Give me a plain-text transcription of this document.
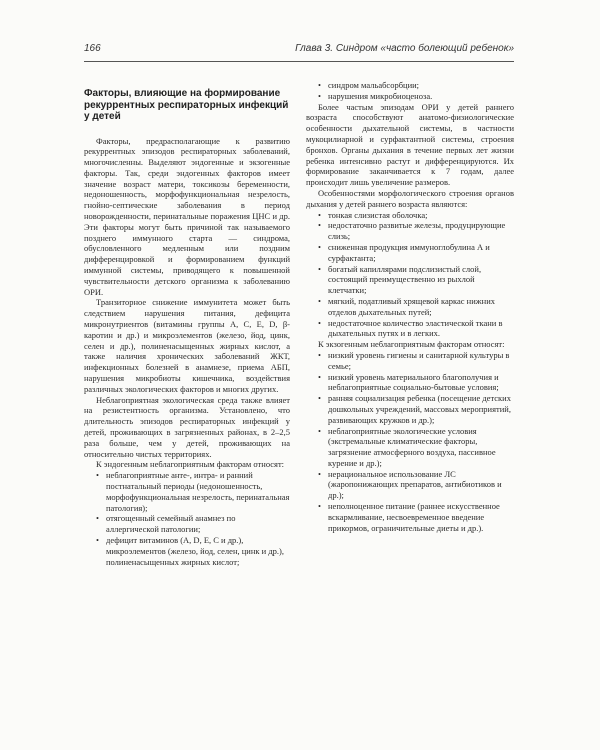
166	Глава 3. Синдром «часто болеющий ребенок»
Факторы, влияющие на формирование рекуррентных респираторных инфекций у детей

Факторы, предрасполагающие к развитию рекуррентных эпизодов респираторных заболеваний, многочисленны. Выделяют эндогенные и экзогенные факторы. Так, среди эндогенных факторов имеет значение возраст матери, токсикозы беременности, недоношенность, морфофункциональная незрелость, гнойно-септические заболевания в период новорожденности, перинатальные поражения ЦНС и др. Эти факторы могут быть причиной так называемого позднего иммунного старта — синдрома, обусловленного медленным или поздним дифференцировкой и формированием функций иммунной системы, приводящего к повышенной чувствительности детского организма к заболеванию ОРИ.

Транзиторное снижение иммунитета может быть следствием нарушения питания, дефицита микронутриентов (витамины группы А, С, Е, D, β-каротин и др.) и микроэлементов (железо, йод, цинк, селен и др.), полиненасыщенных жирных кислот, а также наличия хронических заболеваний ЖКТ, инфекционных болезней в анамнезе, приема АБП, нарушения микробиоты кишечника, воздействия различных экологических факторов и многих других.

Неблагоприятная экологическая среда также влияет на резистентность организма. Установлено, что длительность эпизодов респираторных инфекций у детей, проживающих в загрязненных районах, в 2–2,5 раза больше, чем у детей, проживающих на относительно чистых территориях.

К эндогенным неблагоприятным факторам относят:

• неблагоприятные анте-, интра- и ранний постнатальный периоды (недоношенность, морфофункциональная незрелость, перинатальная патология);
• отягощенный семейный анамнез по аллергической патологии;
• дефицит витаминов (А, D, Е, С и др.), микроэлементов (железо, йод, селен, цинк и др.), полиненасыщенных жирных кислот;
• синдром мальабсорбции;
• нарушения микробиоценоза.

Более частым эпизодам ОРИ у детей раннего возраста способствуют анатомо-физиологические особенности дыхательной системы, в частности мукоцилиарной и сурфактантной системы, строения бронхов. Органы дыхания в течение первых лет жизни ребенка интенсивно растут и дифференцируются. Их формирование заканчивается к 7 годам, далее происходит лишь увеличение размеров.

Особенностями морфологического строения органов дыхания у детей раннего возраста являются:

• тонкая слизистая оболочка;
• недостаточно развитые железы, продуцирующие слизь;
• сниженная продукция иммуноглобулина А и сурфактанта;
• богатый капиллярами подслизистый слой, состоящий преимущественно из рыхлой клетчатки;
• мягкий, податливый хрящевой каркас нижних отделов дыхательных путей;
• недостаточное количество эластической ткани в дыхательных путях и в легких.

К экзогенным неблагоприятным факторам относят:

• низкий уровень гигиены и санитарной культуры в семье;
• низкий уровень материального благополучия и неблагоприятные социально-бытовые условия;
• ранняя социализация ребенка (посещение детских дошкольных учреждений, массовых мероприятий, развивающих кружков и др.);
• неблагоприятные экологические условия (экстремальные климатические факторы, загрязнение атмосферного воздуха, пассивное курение и др.);
• нерациональное использование ЛС (жаропонижающих препаратов, антибиотиков и др.);
• неполноценное питание (раннее искусственное вскармливание, несвоевременное введение прикормов, ограничительные диеты и др.).
